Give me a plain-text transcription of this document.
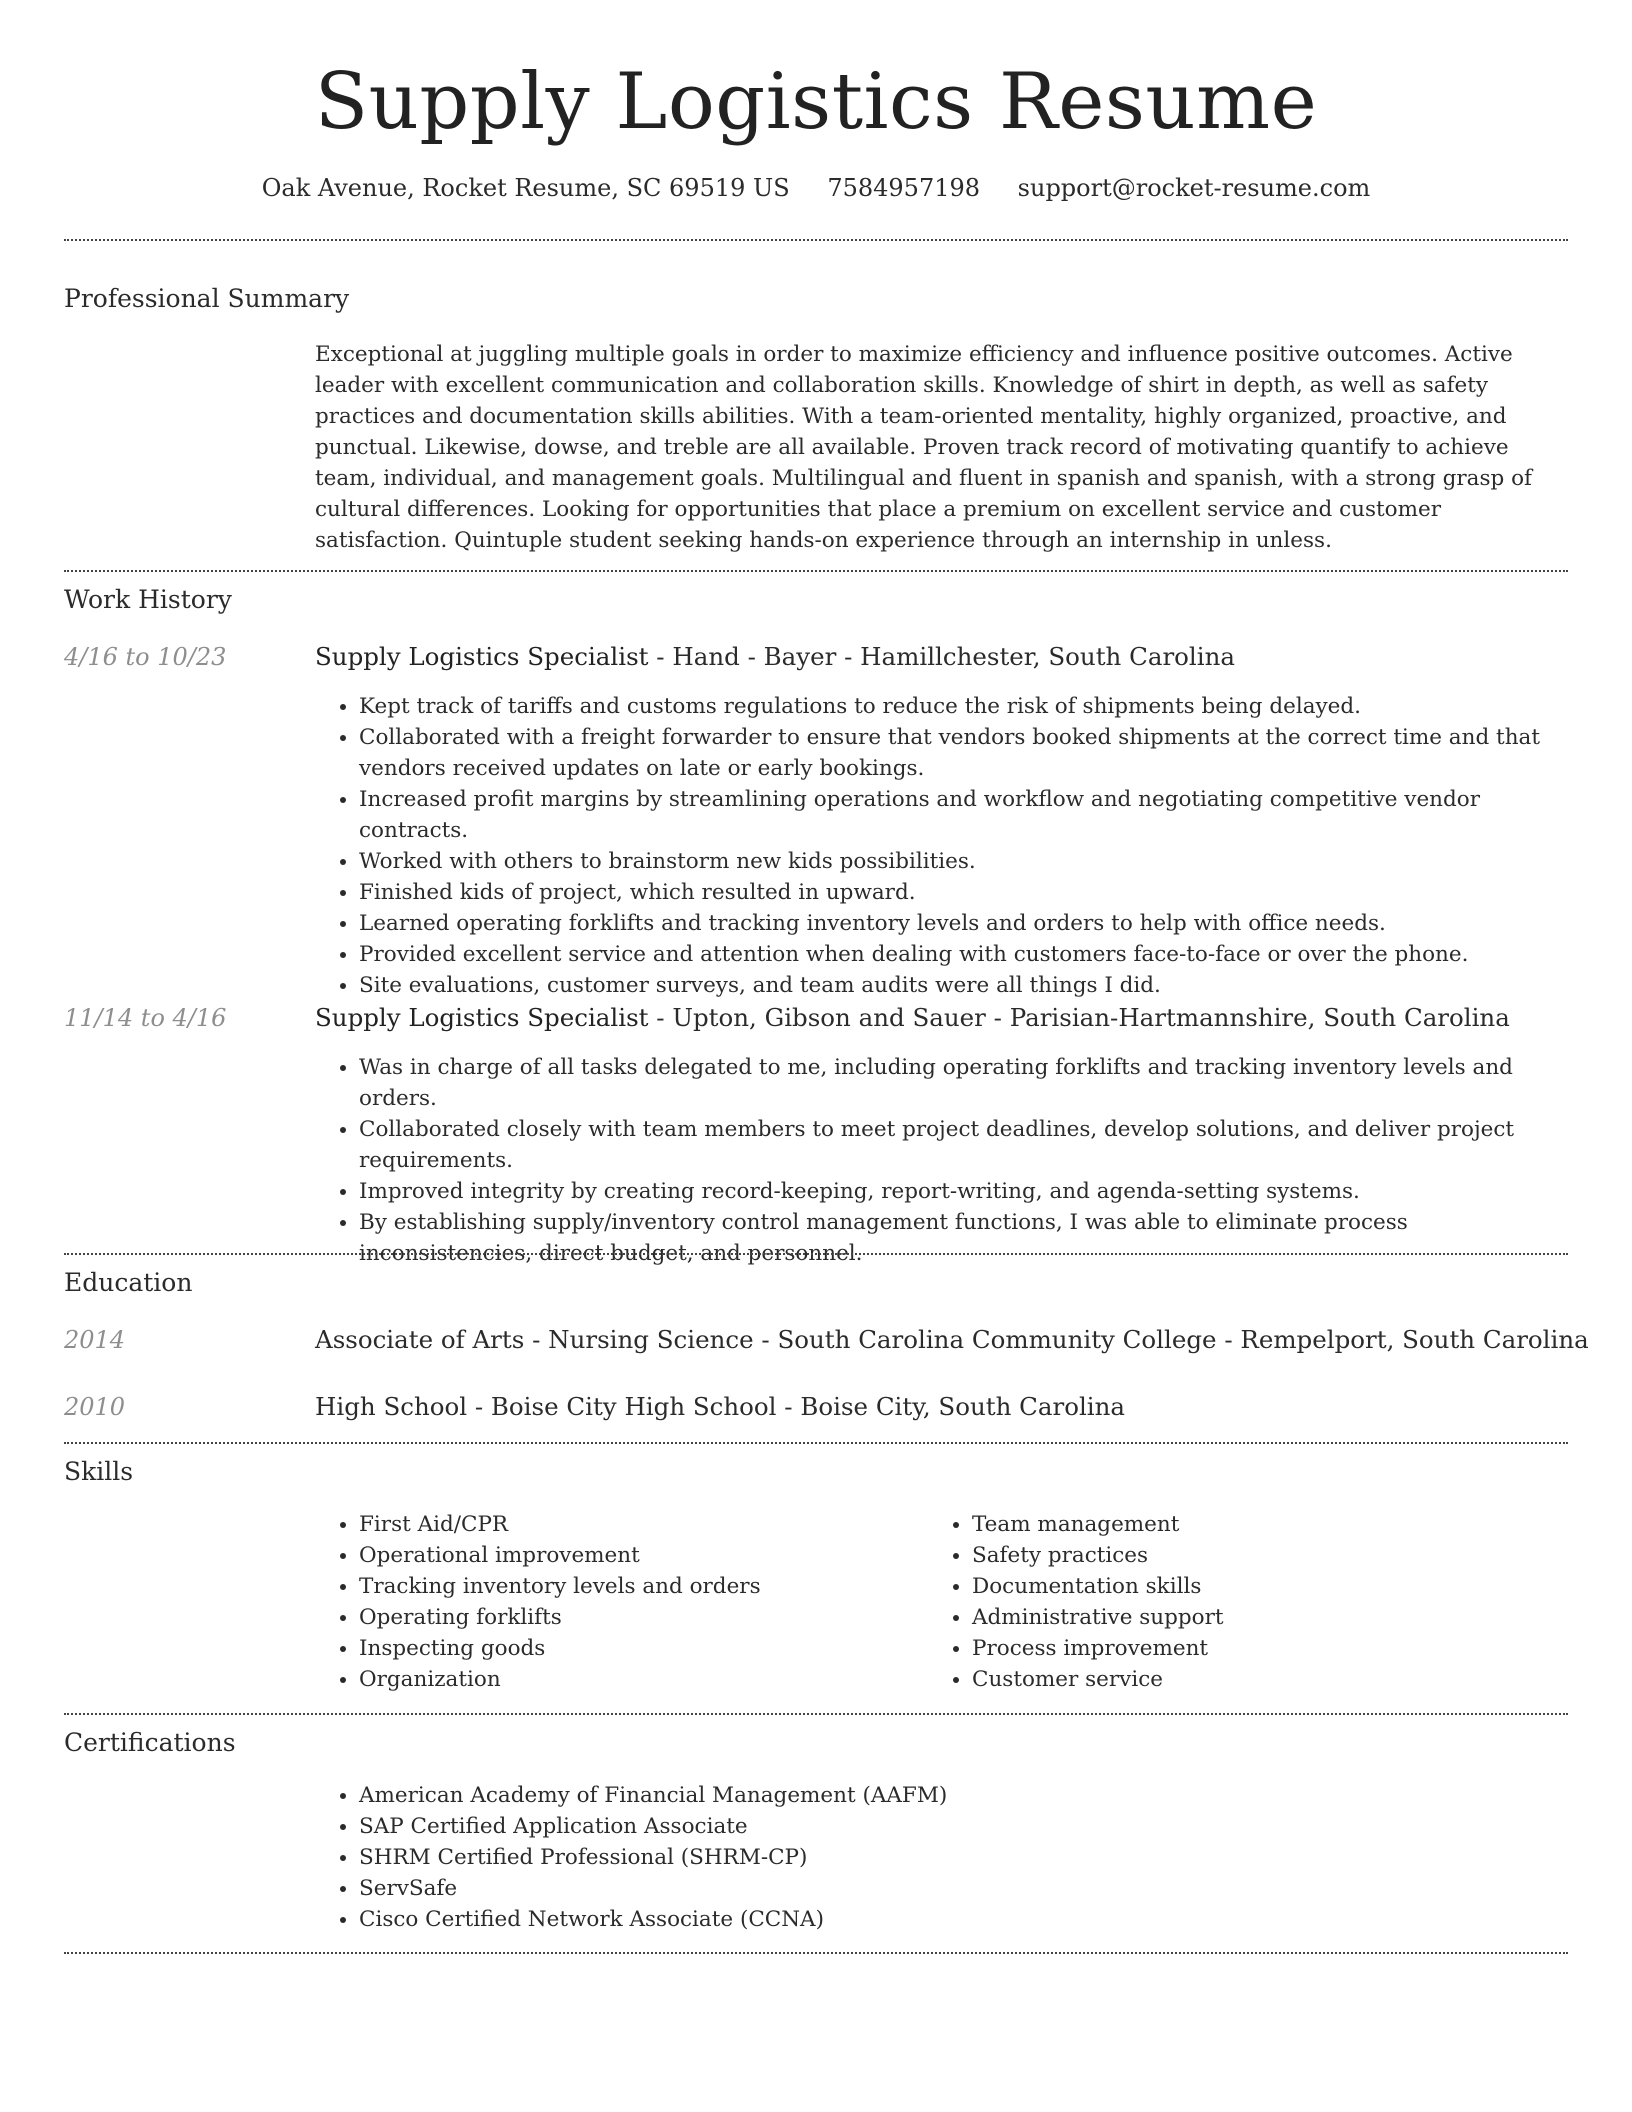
Supply Logistics Resume
Oak Avenue, Rocket Resume, SC 69519 US 7584957198 support@rocket-resume.com
Professional Summary

Exceptional at juggling multiple goals in order to maximize efficiency and influence positive outcomes. Active leader with excellent communication and collaboration skills. Knowledge of shirt in depth, as well as safety practices and documentation skills abilities. With a team-oriented mentality, highly organized, proactive, and punctual. Likewise, dowse, and treble are all available. Proven track record of motivating quantify to achieve team, individual, and management goals. Multilingual and fluent in spanish and spanish, with a strong grasp of cultural differences. Looking for opportunities that place a premium on excellent service and customer satisfaction. Quintuple student seeking hands-on experience through an internship in unless.

Work History
4/16 to 10/23	Supply Logistics Specialist - Hand - Bayer - Hamillchester, South Carolina
• Kept track of tariffs and customs regulations to reduce the risk of shipments being delayed.
• Collaborated with a freight forwarder to ensure that vendors booked shipments at the correct time and that vendors received updates on late or early bookings.
• Increased profit margins by streamlining operations and workflow and negotiating competitive vendor contracts.
• Worked with others to brainstorm new kids possibilities.
• Finished kids of project, which resulted in upward.
• Learned operating forklifts and tracking inventory levels and orders to help with office needs.
• Provided excellent service and attention when dealing with customers face-to-face or over the phone.
• Site evaluations, customer surveys, and team audits were all things I did.
11/14 to 4/16	Supply Logistics Specialist - Upton, Gibson and Sauer - Parisian-Hartmannshire, South Carolina
• Was in charge of all tasks delegated to me, including operating forklifts and tracking inventory levels and orders.
• Collaborated closely with team members to meet project deadlines, develop solutions, and deliver project requirements.
• Improved integrity by creating record-keeping, report-writing, and agenda-setting systems.
• By establishing supply/inventory control management functions, I was able to eliminate process inconsistencies, direct budget, and personnel.
Education
2014	Associate of Arts - Nursing Science - South Carolina Community College - Rempelport, South Carolina
2010	High School - Boise City High School - Boise City, South Carolina
Skills
• First Aid/CPR
• Operational improvement
• Tracking inventory levels and orders
• Operating forklifts
• Inspecting goods
• Organization
• Team management
• Safety practices
• Documentation skills
• Administrative support
• Process improvement
• Customer service
Certifications
• American Academy of Financial Management (AAFM)
• SAP Certified Application Associate
• SHRM Certified Professional (SHRM-CP)
• ServSafe
• Cisco Certified Network Associate (CCNA)
